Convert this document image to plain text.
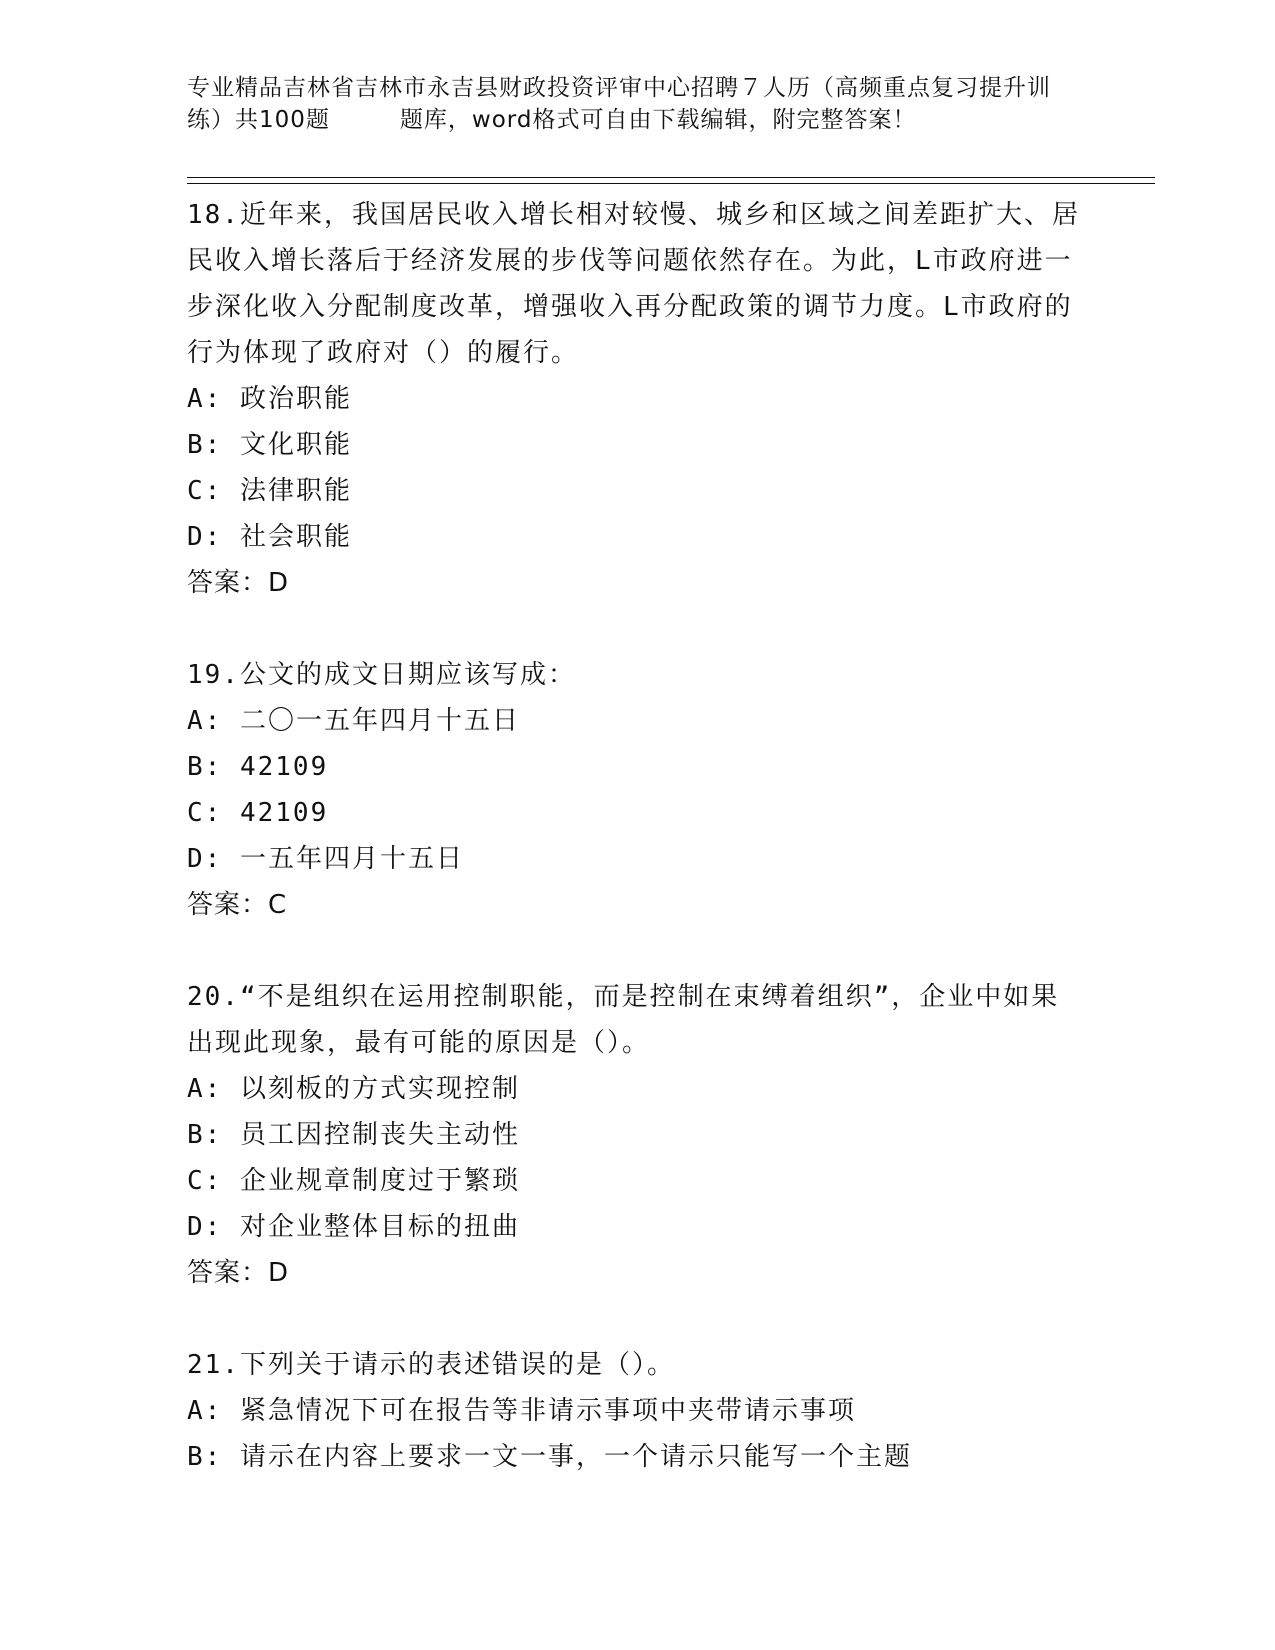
专业精品吉林省吉林市永吉县财政投资评审中心招聘７人历（高频重点复习提升训
练）共100题	题库，word格式可自由下载编辑，附完整答案！

18.近年来，我国居民收入增长相对较慢、城乡和区域之间差距扩大、居民收入增长落后于经济发展的步伐等问题依然存在。为此，L市政府进一步深化收入分配制度改革，增强收入再分配政策的调节力度。L市政府的行为体现了政府对（）的履行。

A: 政治职能

B: 文化职能

C: 法律职能

D: 社会职能

答案：D

19.公文的成文日期应该写成：

A: 二〇一五年四月十五日

B: 42109

C: 42109

D: 一五年四月十五日

答案：C

20.“不是组织在运用控制职能，而是控制在束缚着组织”，企业中如果出现此现象，最有可能的原因是（）。

A: 以刻板的方式实现控制

B: 员工因控制丧失主动性

C: 企业规章制度过于繁琐

D: 对企业整体目标的扭曲

答案：D

21.下列关于请示的表述错误的是（）。

A: 紧急情况下可在报告等非请示事项中夹带请示事项

B: 请示在内容上要求一文一事，一个请示只能写一个主题
